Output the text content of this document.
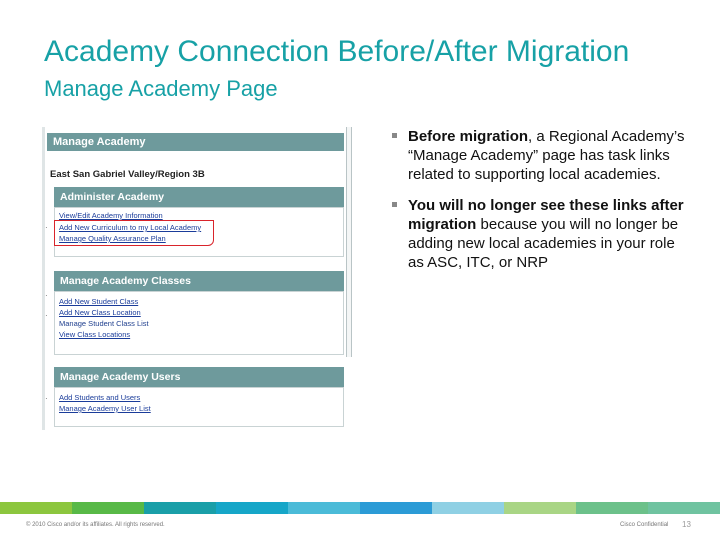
Academy Connection Before/After Migration
Manage Academy Page
Manage Academy
East San Gabriel Valley/Region 3B
Administer Academy
·
View/Edit Academy Information
Add New Curriculum to my Local Academy
Manage Quality Assurance Plan
Manage Academy Classes
·
·
Add New Student Class
Add New Class Location
Manage Student Class List
View Class Locations
Manage Academy Users
· Add Students and Users
Manage Academy User List
Before migration, a Regional Academy’s “Manage Academy” page has task links related to supporting local academies.
You will no longer see these links after migration because you will no longer be adding new local academies in your role as ASC, ITC, or NRP
© 2010 Cisco and/or its affiliates. All rights reserved.	Cisco Confidential 13
